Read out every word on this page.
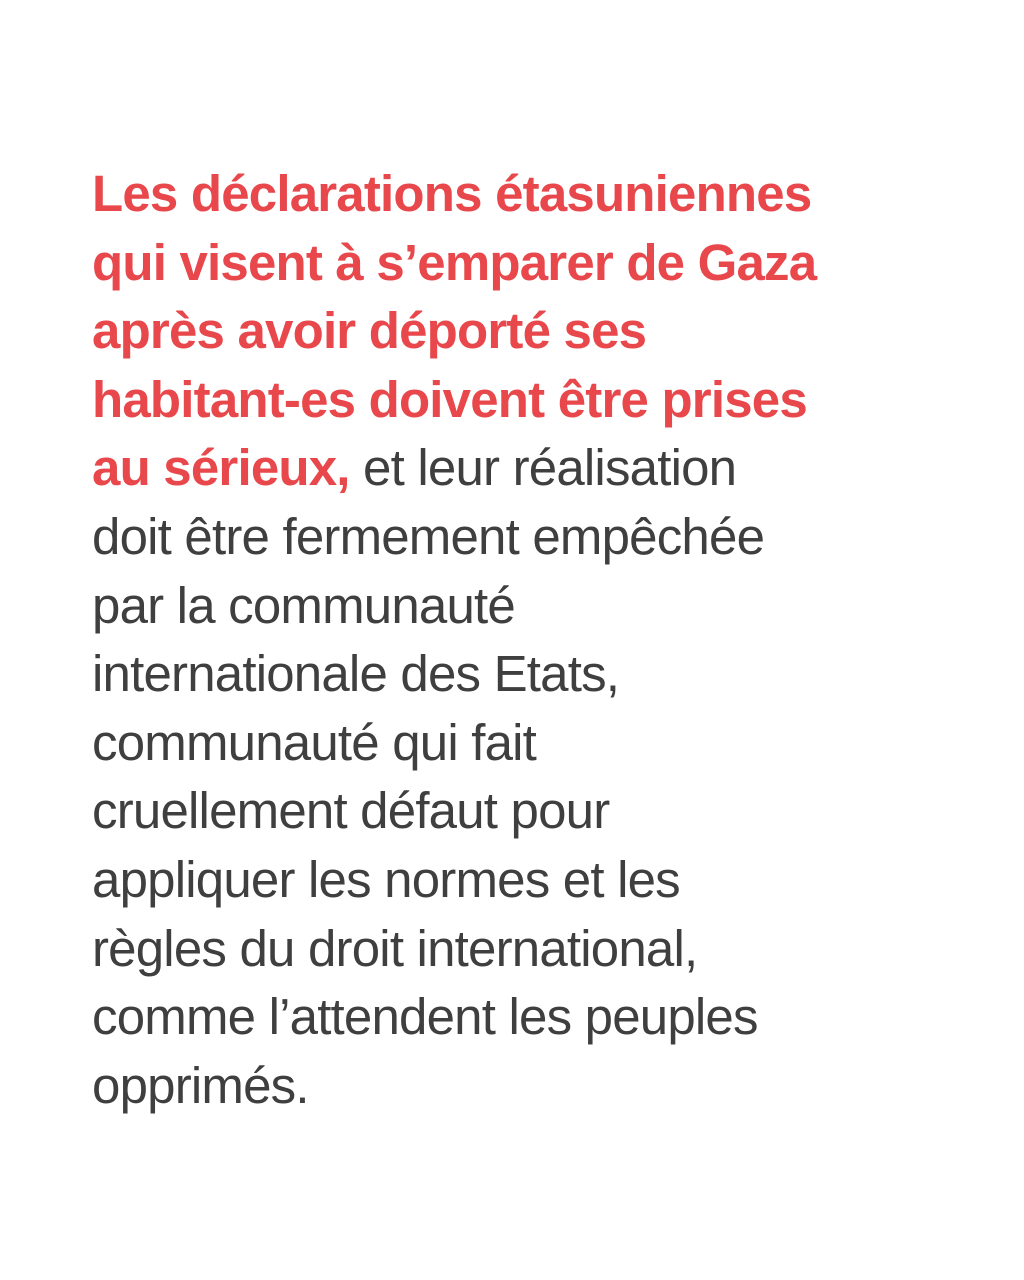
Les déclarations étasuniennes
qui visent à s’emparer de Gaza
après avoir déporté ses
habitant-es doivent être prises
au sérieux, et leur réalisation
doit être fermement empêchée
par la communauté
internationale des Etats,
communauté qui fait
cruellement défaut pour
appliquer les normes et les
règles du droit international,
comme l’attendent les peuples
opprimés.
